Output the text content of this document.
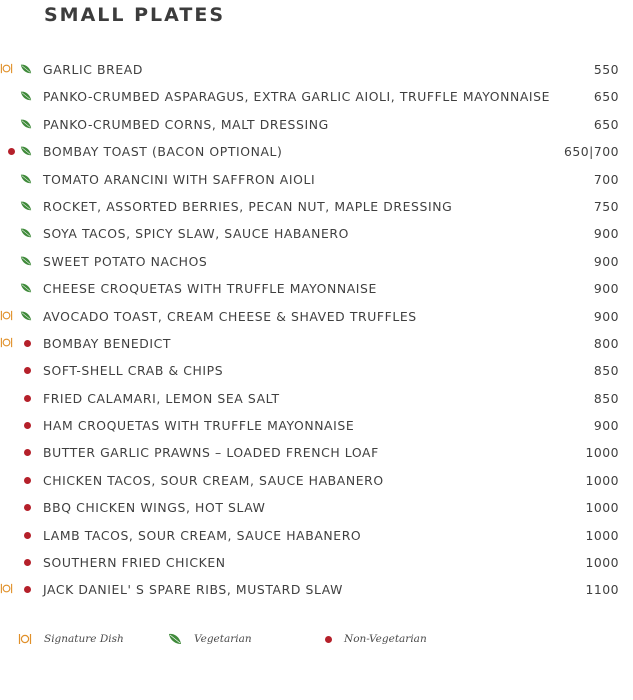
SMALL PLATES
GARLIC BREAD	550
PANKO-CRUMBED ASPARAGUS, EXTRA GARLIC AIOLI, TRUFFLE MAYONNAISE	650
PANKO-CRUMBED CORNS, MALT DRESSING	650
BOMBAY TOAST (BACON OPTIONAL)	650|700
TOMATO ARANCINI WITH SAFFRON AIOLI	700
ROCKET, ASSORTED BERRIES, PECAN NUT, MAPLE DRESSING	750
SOYA TACOS, SPICY SLAW, SAUCE HABANERO	900
SWEET POTATO NACHOS	900
CHEESE CROQUETAS WITH TRUFFLE MAYONNAISE	900
AVOCADO TOAST, CREAM CHEESE & SHAVED TRUFFLES	900
BOMBAY BENEDICT	800
SOFT-SHELL CRAB & CHIPS	850
FRIED CALAMARI, LEMON SEA SALT	850
HAM CROQUETAS WITH TRUFFLE MAYONNAISE	900
BUTTER GARLIC PRAWNS – LOADED FRENCH LOAF	1000
CHICKEN TACOS, SOUR CREAM, SAUCE HABANERO	1000
BBQ CHICKEN WINGS, HOT SLAW	1000
LAMB TACOS, SOUR CREAM, SAUCE HABANERO	1000
SOUTHERN FRIED CHICKEN	1000
JACK DANIEL' S SPARE RIBS, MUSTARD SLAW	1100
Signature Dish	Vegetarian	Non-Vegetarian
